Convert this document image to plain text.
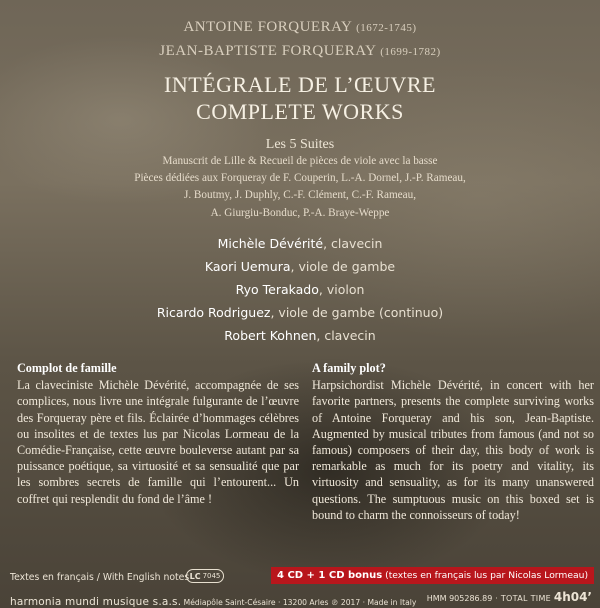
ANTOINE FORQUERAY (1672-1745)
JEAN-BAPTISTE FORQUERAY (1699-1782)
INTÉGRALE DE L’ŒUVRE
COMPLETE WORKS
Les 5 Suites
Manuscrit de Lille & Recueil de pièces de viole avec la basse
Pièces dédiées aux Forqueray de F. Couperin, L.-A. Dornel, J.-P. Rameau,
J. Boutmy, J. Duphly, C.-F. Clément, C.-F. Rameau,
A. Giurgiu-Bonduc, P.-A. Braye-Weppe
Michèle Dévérité, clavecin
Kaori Uemura, viole de gambe
Ryo Terakado, violon
Ricardo Rodriguez, viole de gambe (continuo)
Robert Kohnen, clavecin
Complot de famille

La claveciniste Michèle Dévérité, accompagnée de ses complices, nous livre une intégrale fulgurante de l’œuvre des Forqueray père et fils. Éclairée d’hommages célèbres ou insolites et de textes lus par Nicolas Lormeau de la Comédie-Française, cette œuvre bouleverse autant par sa puissance poétique, sa virtuosité et sa sensualité que par les sombres secrets de famille qui l’entourent... Un coffret qui resplendit du fond de l’âme !

A family plot?

Harpsichordist Michèle Dévérité, in concert with her favorite partners, presents the complete surviving works of Antoine Forqueray and his son, Jean-Baptiste. Augmented by musical tributes from famous (and not so famous) composers of their day, this body of work is remarkable as much for its poetry and vitality, its virtuosity and sensuality, as for its many unanswered questions. The sumptuous music on this boxed set is bound to charm the connoisseurs of today!

Textes en français / With English notes LC 7045	4 CD + 1 CD bonus (textes en français lus par Nicolas Lormeau)
harmonia mundi musique s.a.s. Médiapôle Saint-Césaire · 13200 Arles ℗ 2017 · Made in Italy HMM 905286.89 · TOTAL TIME 4h04’
